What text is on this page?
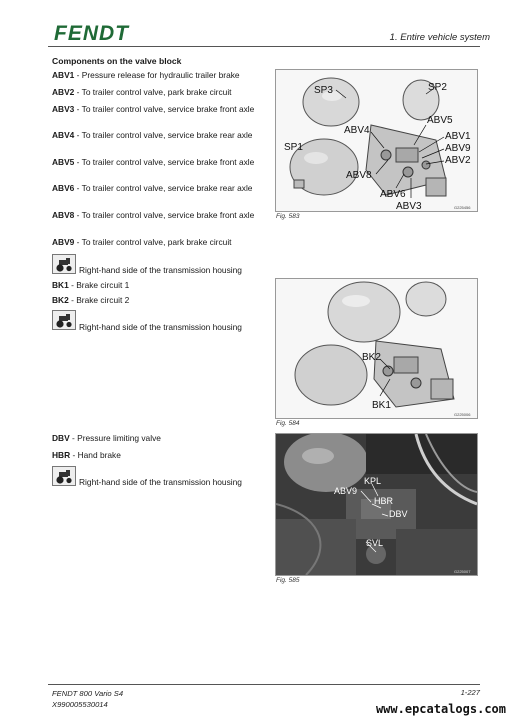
FENDT	1. Entire vehicle system
Components on the valve block
ABV1 - Pressure release for hydraulic trailer brake
ABV2 - To trailer control valve, park brake circuit
ABV3 - To trailer control valve, service brake front axle
ABV4 - To trailer control valve, service brake rear axle
ABV5 - To trailer control valve, service brake front axle
ABV6 - To trailer control valve, service brake rear axle
ABV8 - To trailer control valve, service brake front axle
ABV9 - To trailer control valve, park brake circuit
Right-hand side of the transmission housing
BK1 - Brake circuit 1
BK2 - Brake circuit 2
Right-hand side of the transmission housing
DBV - Pressure limiting valve
HBR - Hand brake
Right-hand side of the transmission housing
SP3	SP2
SP1
ABV4
ABV5
ABV1
ABV9
ABV2
ABV8
ABV6
ABV3	G225456
Fig. 583
BK2
BK1
G225006
Fig. 584
ABV9
KPL
HBR
DBV
SVL
G225007
Fig. 585
FENDT 800 Vario S4
X990005530014
1-227
www.epcatalogs.com
